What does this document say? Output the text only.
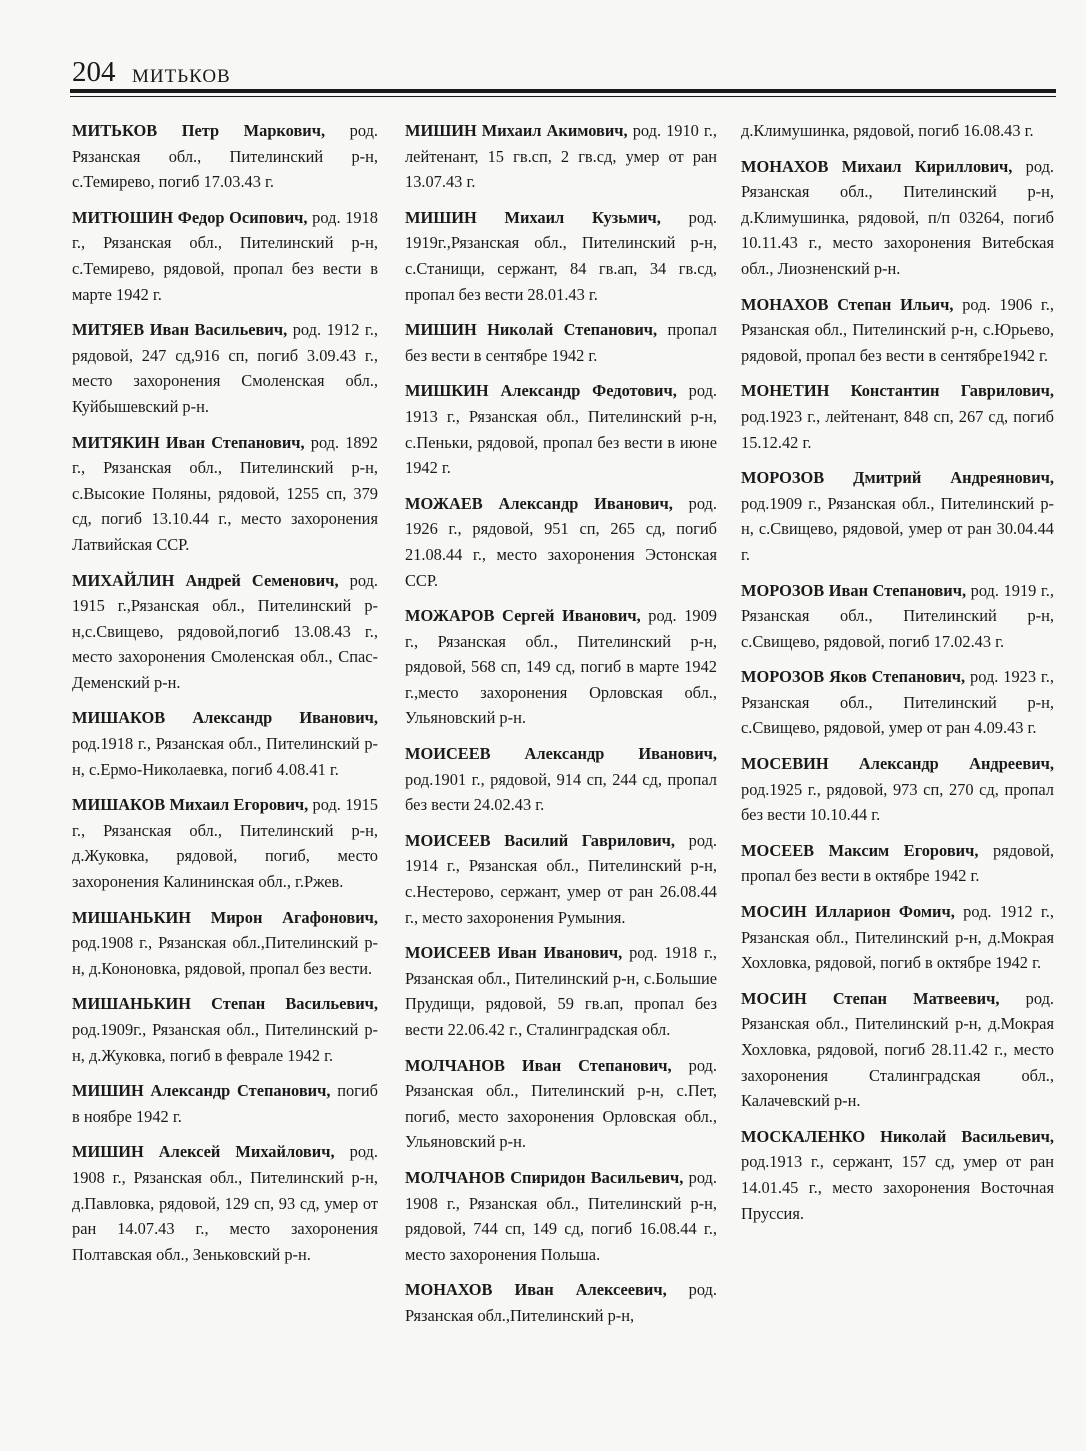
204 МИТЬКОВ

МИТЬКОВ Петр Маркович, род. Рязанская обл., Пителинский р-н, с.Темирево, погиб 17.03.43 г.

МИТЮШИН Федор Осипович, род. 1918 г., Рязанская обл., Пителинский р-н, с.Темирево, рядовой, пропал без вести в марте 1942 г.

МИТЯЕВ Иван Васильевич, род. 1912 г., рядовой, 247 сд,916 сп, погиб 3.09.43 г., место захоронения Смоленская обл., Куйбышевский р-н.

МИТЯКИН Иван Степанович, род. 1892 г., Рязанская обл., Пителинский р-н, с.Высокие Поляны, рядовой, 1255 сп, 379 сд, погиб 13.10.44 г., место захоронения Латвийская ССР.

МИХАЙЛИН Андрей Семенович, род. 1915 г.,Рязанская обл., Пителинский р-н,с.Свищево, рядовой,погиб 13.08.43 г., место захоронения Смоленская обл., Спас-Деменский р-н.

МИШАКОВ Александр Иванович, род.1918 г., Рязанская обл., Пителинский р-н, с.Ермо-Николаевка, погиб 4.08.41 г.

МИШАКОВ Михаил Егорович, род. 1915 г., Рязанская обл., Пителинский р-н, д.Жуковка, рядовой, погиб, место захоронения Калининская обл., г.Ржев.

МИШАНЬКИН Мирон Агафонович, род.1908 г., Рязанская обл.,Пителинский р-н, д.Кононовка, рядовой, пропал без вести.

МИШАНЬКИН Степан Васильевич, род.1909г., Рязанская обл., Пителинский р-н, д.Жуковка, погиб в феврале 1942 г.

МИШИН Александр Степанович, погиб в ноябре 1942 г.

МИШИН Алексей Михайлович, род. 1908 г., Рязанская обл., Пителинский р-н, д.Павловка, рядовой, 129 сп, 93 сд, умер от ран 14.07.43 г., место захоронения Полтавская обл., Зеньковский р-н.

МИШИН Михаил Акимович, род. 1910 г., лейтенант, 15 гв.сп, 2 гв.сд, умер от ран 13.07.43 г.

МИШИН Михаил Кузьмич, род. 1919г.,Рязанская обл., Пителинский р-н, с.Станищи, сержант, 84 гв.ап, 34 гв.сд, пропал без вести 28.01.43 г.

МИШИН Николай Степанович, пропал без вести в сентябре 1942 г.

МИШКИН Александр Федотович, род. 1913 г., Рязанская обл., Пителинский р-н, с.Пеньки, рядовой, пропал без вести в июне 1942 г.

МОЖАЕВ Александр Иванович, род. 1926 г., рядовой, 951 сп, 265 сд, погиб 21.08.44 г., место захоронения Эстонская ССР.

МОЖАРОВ Сергей Иванович, род. 1909 г., Рязанская обл., Пителинский р-н, рядовой, 568 сп, 149 сд, погиб в марте 1942 г.,место захоронения Орловская обл., Ульяновский р-н.

МОИСЕЕВ Александр Иванович, род.1901 г., рядовой, 914 сп, 244 сд, пропал без вести 24.02.43 г.

МОИСЕЕВ Василий Гаврилович, род. 1914 г., Рязанская обл., Пителинский р-н, с.Нестерово, сержант, умер от ран 26.08.44 г., место захоронения Румыния.

МОИСЕЕВ Иван Иванович, род. 1918 г., Рязанская обл., Пителинский р-н, с.Большие Прудищи, рядовой, 59 гв.ап, пропал без вести 22.06.42 г., Сталинградская обл.

МОЛЧАНОВ Иван Степанович, род. Рязанская обл., Пителинский р-н, с.Пет, погиб, место захоронения Орловская обл., Ульяновский р-н.

МОЛЧАНОВ Спиридон Васильевич, род. 1908 г., Рязанская обл., Пителинский р-н, рядовой, 744 сп, 149 сд, погиб 16.08.44 г., место захоронения Польша.

МОНАХОВ Иван Алексеевич, род. Рязанская обл.,Пителинский р-н,

д.Климушинка, рядовой, погиб 16.08.43 г.

МОНАХОВ Михаил Кириллович, род. Рязанская обл., Пителинский р-н, д.Климушинка, рядовой, п/п 03264, погиб 10.11.43 г., место захоронения Витебская обл., Лиозненский р-н.

МОНАХОВ Степан Ильич, род. 1906 г., Рязанская обл., Пителинский р-н, с.Юрьево, рядовой, пропал без вести в сентябре1942 г.

МОНЕТИН Константин Гаврилович, род.1923 г., лейтенант, 848 сп, 267 сд, погиб 15.12.42 г.

МОРОЗОВ Дмитрий Андреянович, род.1909 г., Рязанская обл., Пителинский р-н, с.Свищево, рядовой, умер от ран 30.04.44 г.

МОРОЗОВ Иван Степанович, род. 1919 г., Рязанская обл., Пителинский р-н, с.Свищево, рядовой, погиб 17.02.43 г.

МОРОЗОВ Яков Степанович, род. 1923 г., Рязанская обл., Пителинский р-н, с.Свищево, рядовой, умер от ран 4.09.43 г.

МОСЕВИН Александр Андреевич, род.1925 г., рядовой, 973 сп, 270 сд, пропал без вести 10.10.44 г.

МОСЕЕВ Максим Егорович, рядовой, пропал без вести в октябре 1942 г.

МОСИН Илларион Фомич, род. 1912 г., Рязанская обл., Пителинский р-н, д.Мокрая Хохловка, рядовой, погиб в октябре 1942 г.

МОСИН Степан Матвеевич, род. Рязанская обл., Пителинский р-н, д.Мокрая Хохловка, рядовой, погиб 28.11.42 г., место захоронения Сталинградская обл., Калачевский р-н.

МОСКАЛЕНКО Николай Васильевич, род.1913 г., сержант, 157 сд, умер от ран 14.01.45 г., место захоронения Восточная Пруссия.
